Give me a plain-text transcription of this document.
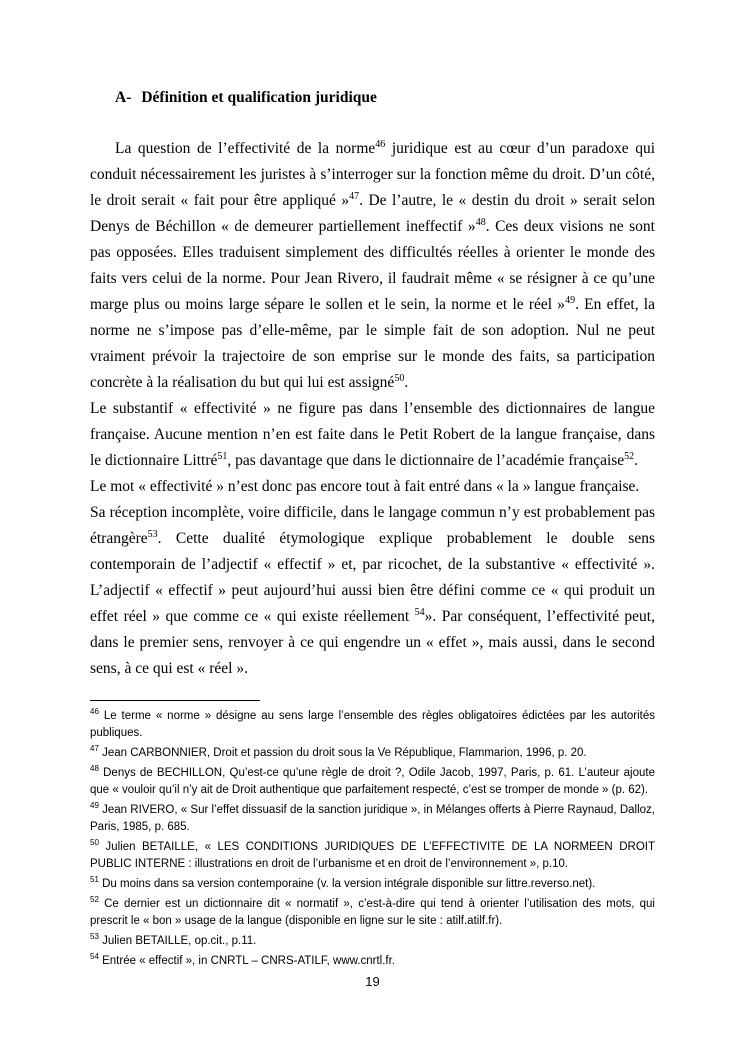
A- Définition et qualification juridique

La question de l’effectivité de la norme$^{46}$ juridique est au cœur d’un paradoxe qui conduit nécessairement les juristes à s’interroger sur la fonction même du droit. D’un côté, le droit serait « fait pour être appliqué »$^{47}$. De l’autre, le « destin du droit » serait selon Denys de Béchillon « de demeurer partiellement ineffectif »$^{48}$. Ces deux visions ne sont pas opposées. Elles traduisent simplement des difficultés réelles à orienter le monde des faits vers celui de la norme. Pour Jean Rivero, il faudrait même « se résigner à ce qu’une marge plus ou moins large sépare le sollen et le sein, la norme et le réel »$^{49}$. En effet, la norme ne s’impose pas d’elle-même, par le simple fait de son adoption. Nul ne peut vraiment prévoir la trajectoire de son emprise sur le monde des faits, sa participation concrète à la réalisation du but qui lui est assigné$^{50}$.

Le substantif « effectivité » ne figure pas dans l’ensemble des dictionnaires de langue française. Aucune mention n’en est faite dans le Petit Robert de la langue française, dans le dictionnaire Littré$^{51}$, pas davantage que dans le dictionnaire de l’académie française$^{52}$.

Le mot « effectivité » n’est donc pas encore tout à fait entré dans « la » langue française.

Sa réception incomplète, voire difficile, dans le langage commun n’y est probablement pas étrangère$^{53}$. Cette dualité étymologique explique probablement le double sens contemporain de l’adjectif « effectif » et, par ricochet, de la substantive « effectivité ». L’adjectif « effectif » peut aujourd’hui aussi bien être défini comme ce « qui produit un effet réel » que comme ce « qui existe réellement $^{54}$». Par conséquent, l’effectivité peut, dans le premier sens, renvoyer à ce qui engendre un « effet », mais aussi, dans le second sens, à ce qui est « réel ».

$^{46}$ Le terme « norme » désigne au sens large l’ensemble des règles obligatoires édictées par les autorités publiques.
$^{47}$ Jean CARBONNIER, Droit et passion du droit sous la Ve République, Flammarion, 1996, p. 20.
$^{48}$ Denys de BECHILLON, Qu’est-ce qu’une règle de droit ?, Odile Jacob, 1997, Paris, p. 61. L’auteur ajoute que « vouloir qu’il n’y ait de Droit authentique que parfaitement respecté, c’est se tromper de monde » (p. 62).
$^{49}$ Jean RIVERO, « Sur l’effet dissuasif de la sanction juridique », in Mélanges offerts à Pierre Raynaud, Dalloz, Paris, 1985, p. 685.
$^{50}$ Julien BETAILLE, « LES CONDITIONS JURIDIQUES DE L’EFFECTIVITE DE LA NORMEEN DROIT PUBLIC INTERNE : illustrations en droit de l’urbanisme et en droit de l’environnement », p.10.
$^{51}$ Du moins dans sa version contemporaine (v. la version intégrale disponible sur littre.reverso.net).
$^{52}$ Ce dernier est un dictionnaire dit « normatif », c’est-à-dire qui tend à orienter l’utilisation des mots, qui prescrit le « bon » usage de la langue (disponible en ligne sur le site : atilf.atilf.fr).
$^{53}$ Julien BETAILLE, op.cit., p.11.
$^{54}$ Entrée « effectif », in CNRTL – CNRS-ATILF, www.cnrtl.fr.
19
